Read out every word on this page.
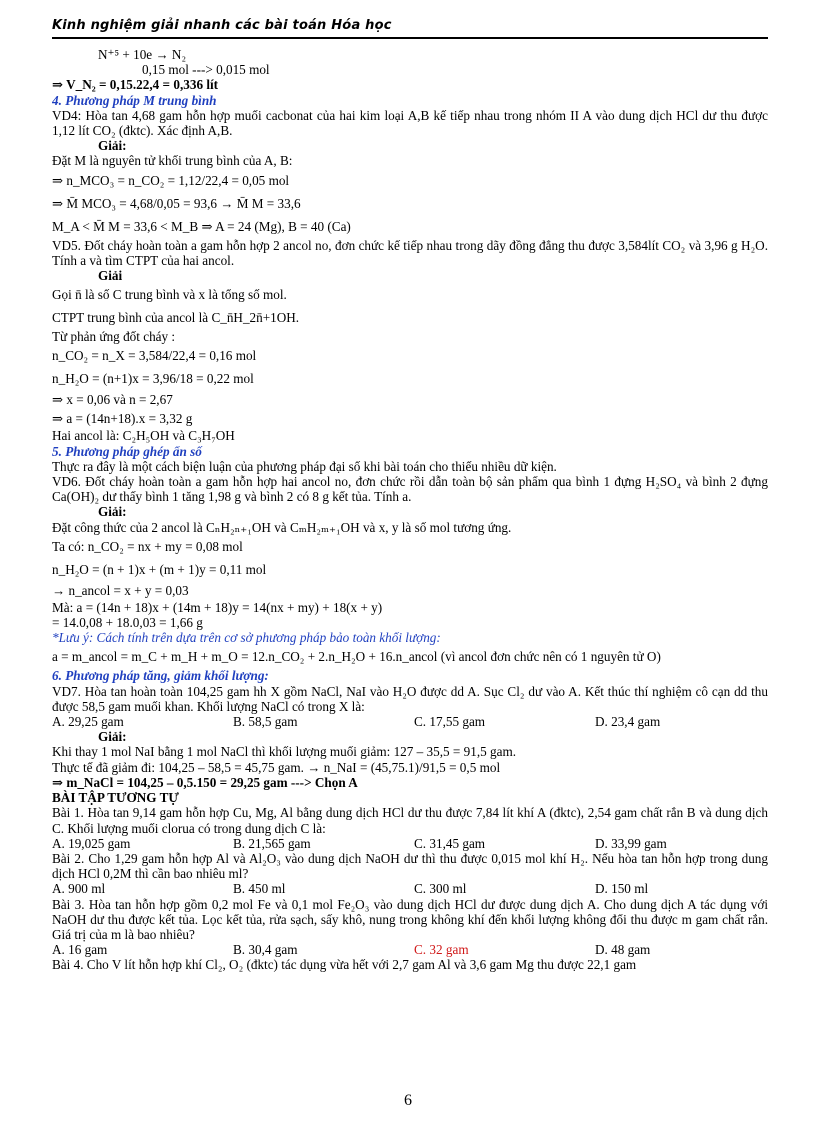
Kinh nghiệm giải nhanh các bài toán Hóa học
N⁺⁵ + 10e → N₂
0,15 mol ---> 0,015 mol
⇒ V_N₂ = 0,15.22,4 = 0,336 lít
4. Phương pháp M trung bình
VD4: Hòa tan 4,68 gam hỗn hợp muối cacbonat của hai kim loại A,B kế tiếp nhau trong nhóm II A vào dung dịch HCl dư thu được 1,12 lít CO₂ (đktc). Xác định A,B.
Giải:
Đặt M là nguyên tử khối trung bình của A, B:
⇒ n_MCO₃ = n_CO₂ = 1,12/22,4 = 0,05 mol
⇒ M̄ MCO₃ = 4,68/0,05 = 93,6 → M̄ M = 33,6
M_A < M̄ M = 33,6 < M_B ⇒ A = 24 (Mg), B = 40 (Ca)
VD5. Đốt cháy hoàn toàn a gam hỗn hợp 2 ancol no, đơn chức kế tiếp nhau trong dãy đồng đẳng thu được 3,584lít CO₂ và 3,96 g H₂O. Tính a và tìm CTPT của hai ancol.
Giải
Gọi n̄ là số C trung bình và x là tổng số mol.
CTPT trung bình của ancol là C_n̄H_2n̄+1OH.
Từ phản ứng đốt cháy :
n_CO₂ = n_X = 3,584/22,4 = 0,16 mol
n_H₂O = (n+1)x = 3,96/18 = 0,22 mol
⇒ x = 0,06 và n = 2,67
⇒ a = (14n+18).x = 3,32 g
Hai ancol là: C₂H₅OH và C₃H₇OH
5. Phương pháp ghép ẩn số
Thực ra đây là một cách biện luận của phương pháp đại số khi bài toán cho thiếu nhiều dữ kiện.
VD6. Đốt cháy hoàn toàn a gam hỗn hợp hai ancol no, đơn chức rồi dẫn toàn bộ sản phẩm qua bình 1 đựng H₂SO₄ và bình 2 đựng Ca(OH)₂ dư thấy bình 1 tăng 1,98 g và bình 2 có 8 g kết tủa. Tính a.
Giải:
Đặt công thức của 2 ancol là CₙH₂ₙ₊₁OH và CₘH₂ₘ₊₁OH và x, y là số mol tương ứng.
Ta có: n_CO₂ = nx + my = 0,08 mol
n_H₂O = (n + 1)x + (m + 1)y = 0,11 mol
→ n_ancol = x + y = 0,03
Mà: a = (14n + 18)x + (14m + 18)y = 14(nx + my) + 18(x + y)
= 14.0,08 + 18.0,03 = 1,66 g
*Lưu ý: Cách tính trên dựa trên cơ sở phương pháp bảo toàn khối lượng:
a = m_ancol = m_C + m_H + m_O = 12.n_CO₂ + 2.n_H₂O + 16.n_ancol (vì ancol đơn chức nên có 1 nguyên tử O)
6. Phương pháp tăng, giảm khối lượng:
VD7. Hòa tan hoàn toàn 104,25 gam hh X gồm NaCl, NaI vào H₂O được dd A. Sục Cl₂ dư vào A. Kết thúc thí nghiệm cô cạn dd thu được 58,5 gam muối khan. Khối lượng NaCl có trong X là:
A. 29,25 gam	B. 58,5 gam	C. 17,55 gam	D. 23,4 gam
Giải:
Khi thay 1 mol NaI bằng 1 mol NaCl thì khối lượng muối giảm: 127 – 35,5 = 91,5 gam.
Thực tế đã giảm đi: 104,25 – 58,5 = 45,75 gam. → n_NaI = (45,75.1)/91,5 = 0,5 mol
⇒ m_NaCl = 104,25 – 0,5.150 = 29,25 gam ---> Chọn A
BÀI TẬP TƯƠNG TỰ
Bài 1. Hòa tan 9,14 gam hỗn hợp Cu, Mg, Al bằng dung dịch HCl dư thu được 7,84 lít khí A (đktc), 2,54 gam chất rắn B và dung dịch C. Khối lượng muối clorua có trong dung dịch C là:
A. 19,025 gam	B. 21,565 gam	C. 31,45 gam	D. 33,99 gam
Bài 2. Cho 1,29 gam hỗn hợp Al và Al₂O₃ vào dung dịch NaOH dư thì thu được 0,015 mol khí H₂. Nếu hòa tan hỗn hợp trong dung dịch HCl 0,2M thì cần bao nhiêu ml?
A. 900 ml	B. 450 ml	C. 300 ml	D. 150 ml
Bài 3. Hòa tan hỗn hợp gồm 0,2 mol Fe và 0,1 mol Fe₂O₃ vào dung dịch HCl dư được dung dịch A. Cho dung dịch A tác dụng với NaOH dư thu được kết tủa. Lọc kết tủa, rửa sạch, sấy khô, nung trong không khí đến khối lượng không đổi thu được m gam chất rắn. Giá trị của m là bao nhiêu?
A. 16 gam	B. 30,4 gam	C. 32 gam	D. 48 gam
Bài 4. Cho V lít hỗn hợp khí Cl₂, O₂ (đktc) tác dụng vừa hết với 2,7 gam Al và 3,6 gam Mg thu được 22,1 gam
6
